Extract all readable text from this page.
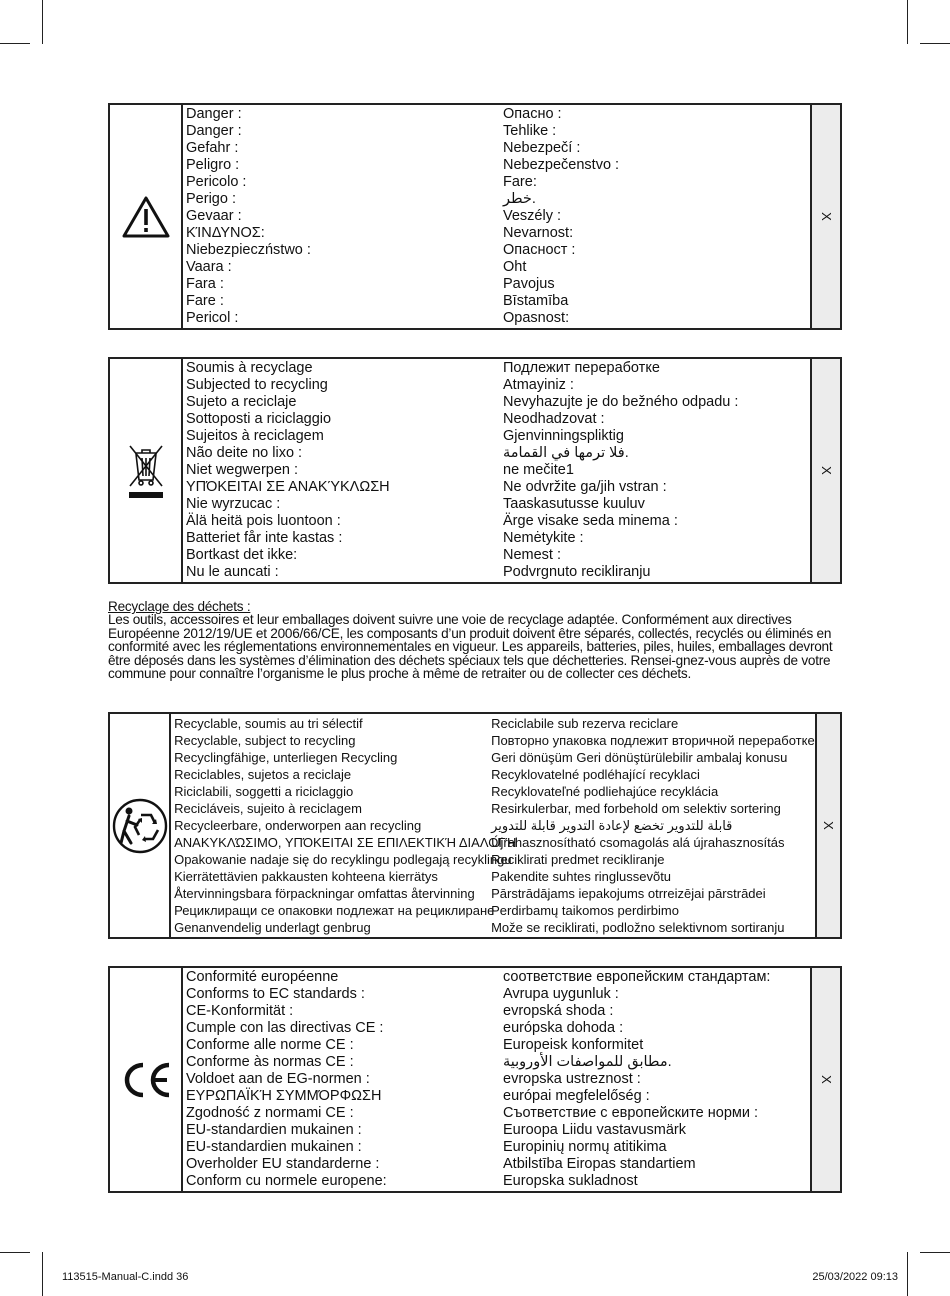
Danger :
Danger :
Gefahr :
Peligro :
Pericolo :
Perigo :
Gevaar :
ΚΊΝΔΥΝΟΣ:
Niebezpieczństwo :
Vaara :
Fara :
Fare :
Pericol :
Опасно :
Tehlike :
Nebezpečí :
Nebezpečenstvo :
Fare:
خطر.
Veszély :
Nevarnost:
Опасност :
Oht
Pavojus
Bīstamība
Opasnost:
X
Soumis à recyclage
Subjected to recycling
Sujeto a reciclaje
Sottoposti a riciclaggio
Sujeitos à reciclagem
Não deite no lixo :
Niet wegwerpen :
ΥΠΌΚΕΙΤΑΙ ΣΕ ΑΝΑΚΎΚΛΩΣΗ
Nie wyrzucac :
Älä heitä pois luontoon :
Batteriet får inte kastas :
Bortkast det ikke:
Nu le auncati :
Подлежит переработке
Atmayiniz :
Nevyhazujte je do bežného odpadu :
Neodhadzovat :
Gjenvinningspliktig
فلا ترمها في القمامة.
ne mečite1
Ne odvržite ga/jih vstran :
Taaskasutusse kuuluv
Ärge visake seda minema :
Nemėtykite :
Nemest :
Podvrgnuto recikliranju
X
Recyclage des déchets :
Les outils, accessoires et leur emballages doivent suivre une voie de recyclage adaptée. Conformément aux directives Européenne 2012/19/UE et 2006/66/CE, les composants d’un produit doivent être séparés, collectés, recyclés ou éliminés en conformité avec les réglementations environnementales en vigueur. Les appareils, batteries, piles, huiles, emballages devront être déposés dans les systèmes d’élimination des déchets spéciaux tels que déchetteries. Rensei-gnez-vous auprès de votre commune pour connaître l’organisme le plus proche à même de retraiter ou de collecter ces déchets.
Recyclable, soumis au tri sélectif
Recyclable, subject to recycling
Recyclingfähige, unterliegen Recycling
Reciclables, sujetos a reciclaje
Riciclabili, soggetti a riciclaggio
Recicláveis, sujeito à reciclagem
Recycleerbare, onderworpen aan recycling
ΑΝΑΚΥΚΛΏΣΙΜΟ, ΥΠΌΚΕΙΤΑΙ ΣΕ ΕΠΙΛΕΚΤΙΚΉ ΔΙΑΛΟΓΉ
Opakowanie nadaje się do recyklingu podlegają recyklingu
Kierrätettävien pakkausten kohteena kierrätys
Återvinningsbara förpackningar omfattas återvinning
Рециклиращи се опаковки подлежат на рециклиране
Genanvendelig underlagt genbrug
Reciclabile sub rezerva reciclare
Повторно упаковка подлежит вторичной переработке
Geri dönüşüm Geri dönüştürülebilir ambalaj konusu
Recyklovatelné podléhající recyklaci
Recyklovateľné podliehajúce recyklácia
Resirkulerbar, med forbehold om selektiv sortering
قابلة للتدوير تخضع لإعادة التدوير قابلة للتدوير
Újrahasznosítható csomagolás alá újrahasznosítás
Reciklirati predmet recikliranje
Pakendite suhtes ringlussevõtu
Pārstrādājams iepakojums otrreizējai pārstrādei
Perdirbamų taikomos perdirbimo
Može se reciklirati, podložno selektivnom sortiranju
X
Conformité européenne
Conforms to EC standards :
CE-Konformität :
Cumple con las directivas CE :
Conforme alle norme CE :
Conforme às normas CE :
Voldoet aan de EG-normen :
ΕΥΡΩΠΑΪΚΉ ΣΥΜΜΌΡΦΩΣΗ
Zgodność z normami CE :
EU-standardien mukainen :
EU-standardien mukainen :
Overholder EU standarderne :
Conform cu normele europene:
соответствие европейским стандартам:
Avrupa uygunluk :
evropská shoda :
európska dohoda :
Europeisk konformitet
مطابق للمواصفات الأوروبية.
evropska ustreznost :
európai megfelelőség :
Съответствие с европейските норми :
Euroopa Liidu vastavusmärk
Europinių normų atitikima
Atbilstība Eiropas standartiem
Europska sukladnost
X
113515-Manual-C.indd 36	25/03/2022 09:13
